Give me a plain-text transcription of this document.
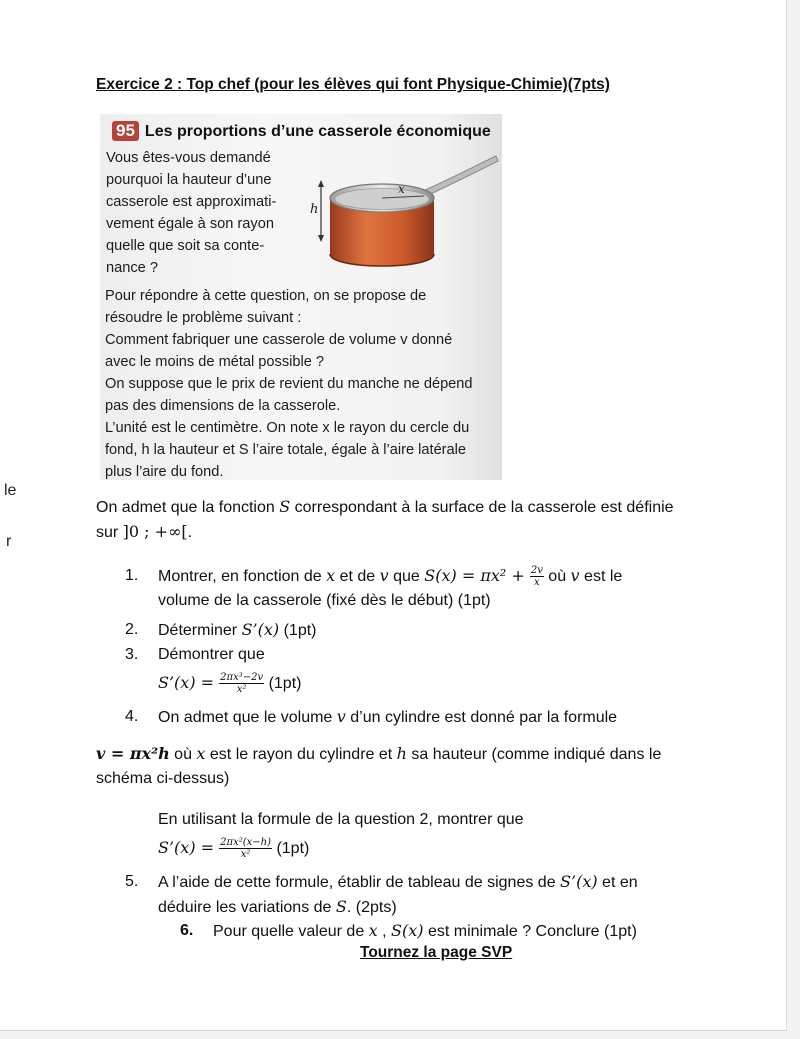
le
r
Exercice 2 : Top chef (pour les élèves qui font Physique-Chimie)(7pts)
95 Les proportions d’une casserole économique
Vous êtes-vous demandé
pourquoi la hauteur d’une
casserole est approximati-
vement égale à son rayon
quelle que soit sa conte-
nance ?
h
x
Pour répondre à cette question, on se propose de
résoudre le problème suivant :
Comment fabriquer une casserole de volume v donné
avec le moins de métal possible ?
On suppose que le prix de revient du manche ne dépend
pas des dimensions de la casserole.
L’unité est le centimètre. On note x le rayon du cercle du
fond, h la hauteur et S l’aire totale, égale à l’aire latérale
plus l’aire du fond.
On admet que la fonction S correspondant à la surface de la casserole est définie
sur ]0 ; +∞[.
1. Montrer, en fonction de x et de v que $S(x) = \pi x^2 + \frac{2v}{x}$ où v est le
volume de la casserole (fixé dès le début) (1pt)
2. Déterminer S’(x) (1pt)
3. Démontrer que
S’(x) = $\frac{\text{2πx³−2v}}{\text{x²}} (1pt)$
4. On admet que le volume v d’un cylindre est donné par la formule
v = πx²h où x est le rayon du cylindre et h sa hauteur (comme indiqué dans le
schéma ci-dessus)
En utilisant la formule de la question 2, montrer que
S’(x) = $\frac{\text{2πx²(x−h)}}{\text{x²}} (1pt)$
5. A l’aide de cette formule, établir de tableau de signes de S’(x) et en
déduire les variations de S. (2pts)
6. Pour quelle valeur de x , S(x) est minimale ? Conclure (1pt)
Tournez la page SVP
